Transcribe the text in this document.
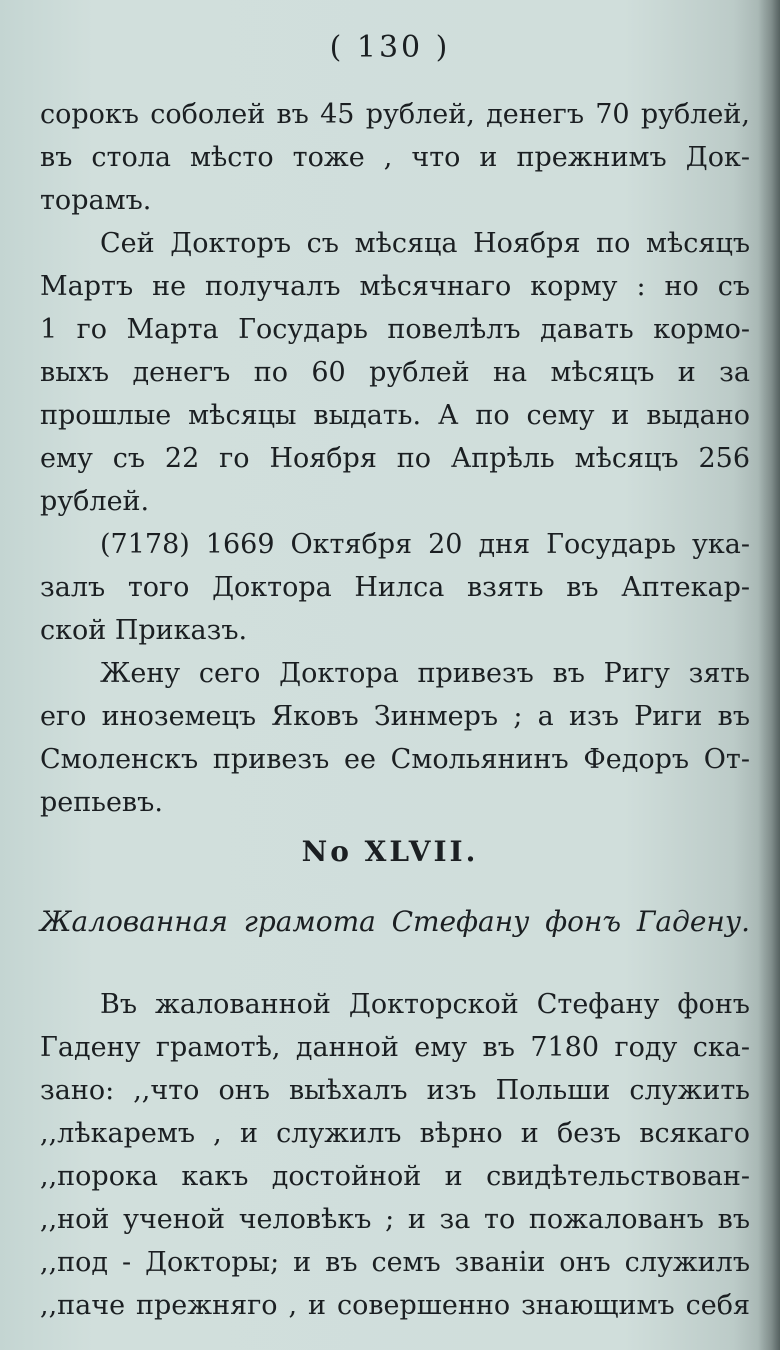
( 130 )
сорокъ соболей въ 45 рублей, денегъ 70 рублей,
въ стола мѣсто тоже , что и прежнимъ Док-
торамъ.
Сей Докторъ съ мѣсяца Ноября по мѣсяцъ
Мартъ не получалъ мѣсячнаго корму : но съ
1 го Марта Государь повелѣлъ давать кормо-
выхъ денегъ по 60 рублей на мѣсяцъ и за
прошлые мѣсяцы выдать. А по сему и выдано
ему съ 22 го Ноября по Апрѣль мѣсяцъ 256
рублей.
(7178) 1669 Октября 20 дня Государь ука-
залъ того Доктора Нилса взять въ Аптекар-
ской Приказъ.
Жену сего Доктора привезъ въ Ригу зять
его иноземецъ Яковъ Зинмеръ ; а изъ Риги въ
Смоленскъ привезъ ее Смольянинъ Федоръ От-
репьевъ.
No XLVII.
Жалованная грамота Стефану фонъ Гадену.
Въ жалованной Докторской Стефану фонъ
Гадену грамотѣ, данной ему въ 7180 году ска-
зано: ,,что онъ выѣхалъ изъ Польши служить
,,лѣкаремъ , и служилъ вѣрно и безъ всякаго
,,порока какъ достойной и свидѣтельствован-
,,ной ученой человѣкъ ; и за то пожалованъ въ
,,под - Докторы; и въ семъ званіи онъ служилъ
,,паче прежняго , и совершенно знающимъ себя
